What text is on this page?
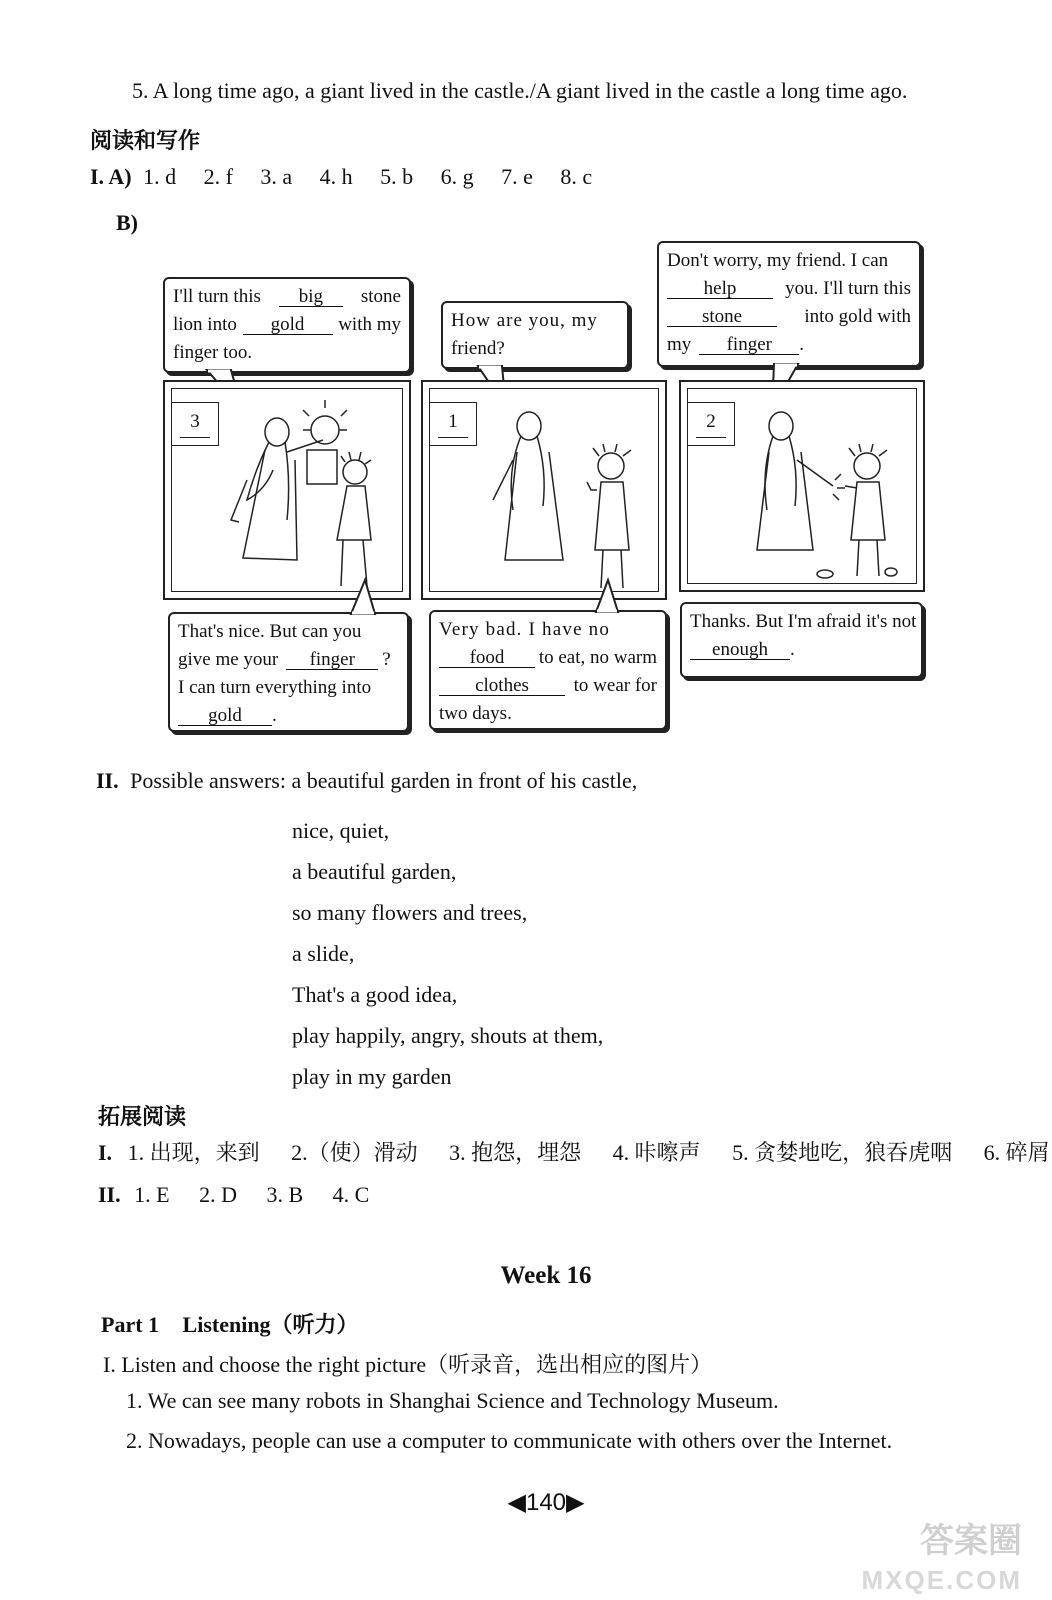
5. A long time ago, a giant lived in the castle./A giant lived in the castle a long time ago.
阅读和写作
I. A) 1. d 2. f 3. a 4. h 5. b 6. g 7. e 8. c
B)
I'll turn this	big	stone
lion into	gold	with my
finger too.
How are you, my
friend?
Don't worry, my friend. I can
help	you. I'll turn this
stone	into gold with
my	finger	.
3	1	2
That's nice. But can you
give me your	finger	?
I can turn everything into
gold	.
Very bad. I have no
food	to eat, no warm
clothes	to wear for
two days.
Thanks. But I'm afraid it's not
enough	.
II. Possible answers: a beautiful garden in front of his castle,
nice, quiet,
a beautiful garden,
so many flowers and trees,
a slide,
That's a good idea,
play happily, angry, shouts at them,
play in my garden
拓展阅读
I. 1. 出现，来到 2.（使）滑动 3. 抱怨，埋怨 4. 咔嚓声 5. 贪婪地吃，狼吞虎咽 6. 碎屑
II. 1. E 2. D 3. B 4. C
Week 16
Part 1 Listening（听力）
I. Listen and choose the right picture（听录音，选出相应的图片）
1. We can see many robots in Shanghai Science and Technology Museum.
2. Nowadays, people can use a computer to communicate with others over the Internet.
◀140▶
答案圈
MXQE.COM
